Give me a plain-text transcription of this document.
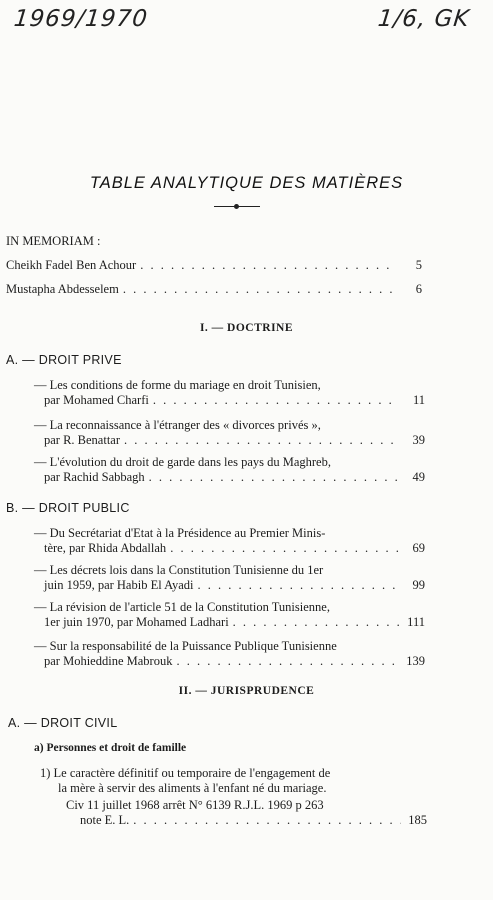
1969/1970	1/6, GK
TABLE ANALYTIQUE DES MATIÈRES
IN MEMORIAM :
Cheikh Fadel Ben Achour . . .	5
Mustapha Abdesselem . . .	6
I. — DOCTRINE
A. — DROIT PRIVE
— Les conditions de forme du mariage en droit Tunisien,
par Mohamed Charfi . . .	11
— La reconnaissance à l'étranger des « divorces privés »,
par R. Benattar . . .	39
— L'évolution du droit de garde dans les pays du Maghreb,
par Rachid Sabbagh . . .	49
B. — DROIT PUBLIC
— Du Secrétariat d'Etat à la Présidence au Premier Minis-
tère, par Rhida Abdallah . . .	69
— Les décrets lois dans la Constitution Tunisienne du 1er
juin 1959, par Habib El Ayadi . . .	99
— La révision de l'article 51 de la Constitution Tunisienne,
1er juin 1970, par Mohamed Ladhari . . .	111
— Sur la responsabilité de la Puissance Publique Tunisienne
par Mohieddine Mabrouk . . .	139
II. — JURISPRUDENCE
A. — DROIT CIVIL
a) Personnes et droit de famille
1) Le caractère définitif ou temporaire de l'engagement de
la mère à servir des aliments à l'enfant né du mariage.
Civ 11 juillet 1968 arrêt N° 6139 R.J.L. 1969 p 263
note E. L. . . .	185
